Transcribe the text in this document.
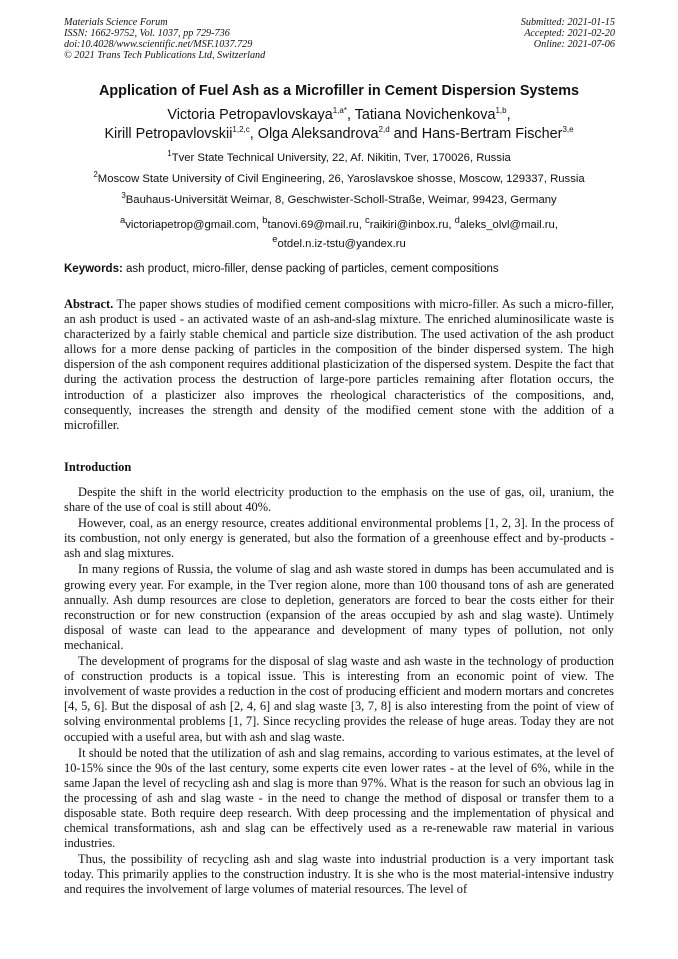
Materials Science Forum
ISSN: 1662-9752, Vol. 1037, pp 729-736
doi:10.4028/www.scientific.net/MSF.1037.729
© 2021 Trans Tech Publications Ltd, Switzerland
Submitted: 2021-01-15
Accepted: 2021-02-20
Online: 2021-07-06
Application of Fuel Ash as a Microfiller in Cement Dispersion Systems
Victoria Petropavlovskaya$^{1,a*}$, Tatiana Novichenkova$^{1,b}$,
Kirill Petropavlovskii$^{1,2,c}$, Olga Aleksandrova$^{2,d}$ and Hans-Bertram Fischer$^{3,e}$
$^1$Tver State Technical University, 22, Af. Nikitin, Tver, 170026, Russia
$^2$Moscow State University of Civil Engineering, 26, Yaroslavskoe shosse, Moscow, 129337, Russia
$^3$Bauhaus-Universität Weimar, 8, Geschwister-Scholl-Straße, Weimar, 99423, Germany
$^a$victoriapetrop@gmail.com, $^b$tanovi.69@mail.ru, $^c$raikiri@inbox.ru, $^d$aleks_olvl@mail.ru,
$^e$otdel.n.iz-tstu@yandex.ru
Keywords: ash product, micro-filler, dense packing of particles, cement compositions

Abstract. The paper shows studies of modified cement compositions with micro-filler. As such a micro-filler, an ash product is used - an activated waste of an ash-and-slag mixture. The enriched aluminosilicate waste is characterized by a fairly stable chemical and particle size distribution. The used activation of the ash product allows for a more dense packing of particles in the composition of the binder dispersed system. The high dispersion of the ash component requires additional plasticization of the dispersed system. Despite the fact that during the activation process the destruction of large-pore particles remaining after flotation occurs, the introduction of a plasticizer also improves the rheological characteristics of the compositions, and, consequently, increases the strength and density of the modified cement stone with the addition of a microfiller.

Introduction

Despite the shift in the world electricity production to the emphasis on the use of gas, oil, uranium, the share of the use of coal is still about 40%.

However, coal, as an energy resource, creates additional environmental problems [1, 2, 3]. In the process of its combustion, not only energy is generated, but also the formation of a greenhouse effect and by-products - ash and slag mixtures.

In many regions of Russia, the volume of slag and ash waste stored in dumps has been accumulated and is growing every year. For example, in the Tver region alone, more than 100 thousand tons of ash are generated annually. Ash dump resources are close to depletion, generators are forced to bear the costs either for their reconstruction or for new construction (expansion of the areas occupied by ash and slag waste). Untimely disposal of waste can lead to the appearance and development of many types of pollution, not only mechanical.

The development of programs for the disposal of slag waste and ash waste in the technology of production of construction products is a topical issue. This is interesting from an economic point of view. The involvement of waste provides a reduction in the cost of producing efficient and modern mortars and concretes [4, 5, 6]. But the disposal of ash [2, 4, 6] and slag waste [3, 7, 8] is also interesting from the point of view of solving environmental problems [1, 7]. Since recycling provides the release of huge areas. Today they are not occupied with a useful area, but with ash and slag waste.

It should be noted that the utilization of ash and slag remains, according to various estimates, at the level of 10-15% since the 90s of the last century, some experts cite even lower rates - at the level of 6%, while in the same Japan the level of recycling ash and slag is more than 97%. What is the reason for such an obvious lag in the processing of ash and slag waste - in the need to change the method of disposal or transfer them to a disposable state. Both require deep research. With deep processing and the implementation of physical and chemical transformations, ash and slag can be effectively used as a re-renewable raw material in various industries.

Thus, the possibility of recycling ash and slag waste into industrial production is a very important task today. This primarily applies to the construction industry. It is she who is the most material-intensive industry and requires the involvement of large volumes of material resources. The level of
